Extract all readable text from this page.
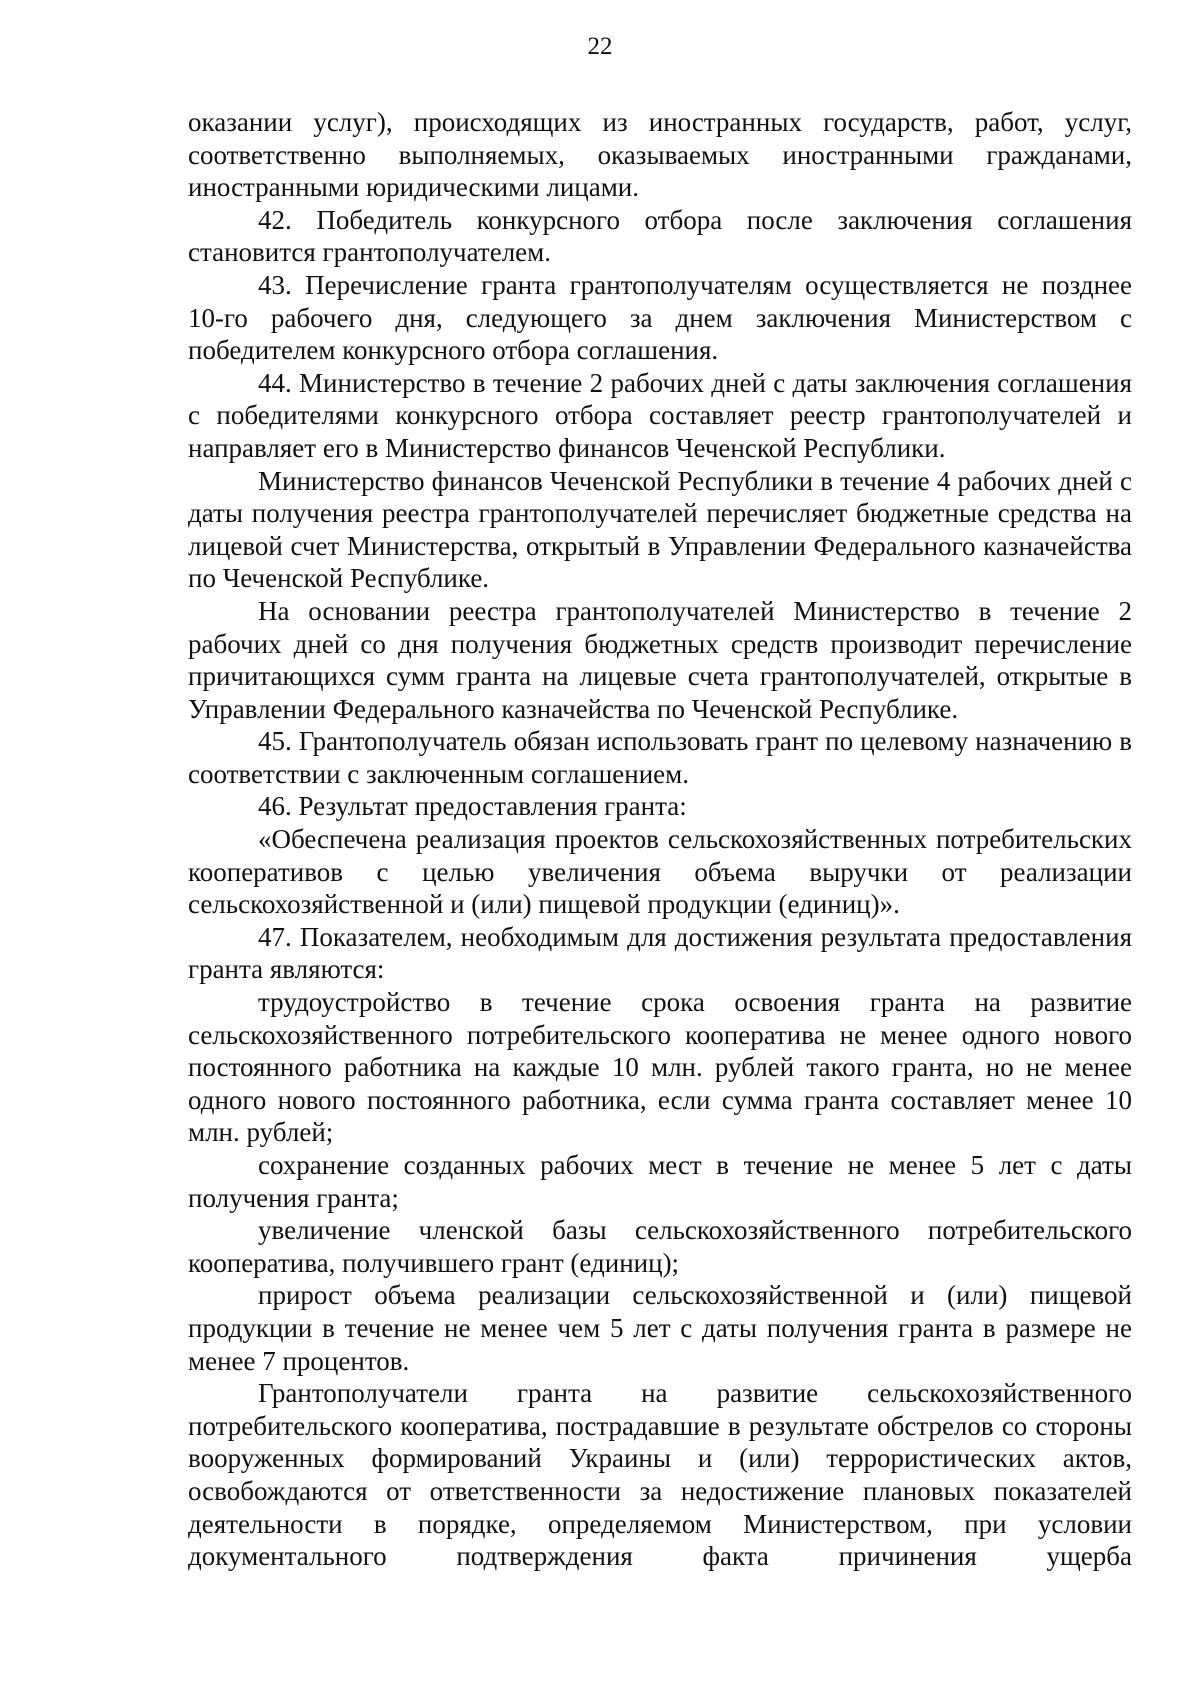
22

оказании услуг), происходящих из иностранных государств, работ, услуг, соответственно выполняемых, оказываемых иностранными гражданами, иностранными юридическими лицами.

42. Победитель конкурсного отбора после заключения соглашения становится грантополучателем.

43. Перечисление гранта грантополучателям осуществляется не позднее 10-го рабочего дня, следующего за днем заключения Министерством с победителем конкурсного отбора соглашения.

44. Министерство в течение 2 рабочих дней с даты заключения соглашения с победителями конкурсного отбора составляет реестр грантополучателей и направляет его в Министерство финансов Чеченской Республики.

Министерство финансов Чеченской Республики в течение 4 рабочих дней с даты получения реестра грантополучателей перечисляет бюджетные средства на лицевой счет Министерства, открытый в Управлении Федерального казначейства по Чеченской Республике.

На основании реестра грантополучателей Министерство в течение 2 рабочих дней со дня получения бюджетных средств производит перечисление причитающихся сумм гранта на лицевые счета грантополучателей, открытые в Управлении Федерального казначейства по Чеченской Республике.

45. Грантополучатель обязан использовать грант по целевому назначению в соответствии с заключенным соглашением.

46. Результат предоставления гранта:

«Обеспечена реализация проектов сельскохозяйственных потребительских кооперативов с целью увеличения объема выручки от реализации сельскохозяйственной и (или) пищевой продукции (единиц)».

47. Показателем, необходимым для достижения результата предоставления гранта являются:

трудоустройство в течение срока освоения гранта на развитие сельскохозяйственного потребительского кооператива не менее одного нового постоянного работника на каждые 10 млн. рублей такого гранта, но не менее одного нового постоянного работника, если сумма гранта составляет менее 10 млн. рублей;

сохранение созданных рабочих мест в течение не менее 5 лет с даты получения гранта;

увеличение членской базы сельскохозяйственного потребительского кооператива, получившего грант (единиц);

прирост объема реализации сельскохозяйственной и (или) пищевой продукции в течение не менее чем 5 лет с даты получения гранта в размере не менее 7 процентов.

Грантополучатели гранта на развитие сельскохозяйственного потребительского кооператива, пострадавшие в результате обстрелов со стороны вооруженных формирований Украины и (или) террористических актов, освобождаются от ответственности за недостижение плановых показателей деятельности в порядке, определяемом Министерством, при условии документального подтверждения факта причинения ущерба
